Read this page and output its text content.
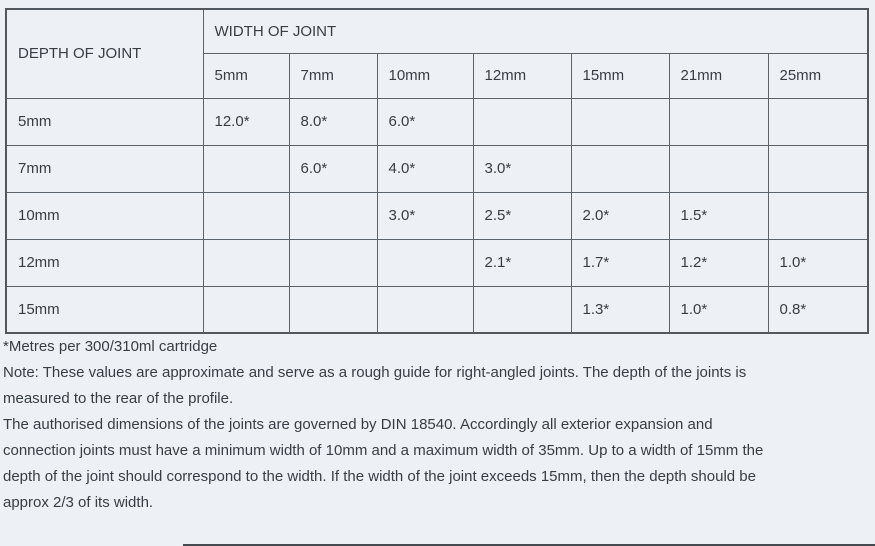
DEPTH OF JOINT	WIDTH OF JOINT						
	5mm	7mm	10mm	12mm	15mm	21mm	25mm
5mm	12.0*	8.0*	6.0*				
7mm		6.0*	4.0*	3.0*			
10mm			3.0*	2.5*	2.0*	1.5*	
12mm				2.1*	1.7*	1.2*	1.0*
15mm					1.3*	1.0*	0.8*

*Metres per 300/310ml cartridge

Note: These values are approximate and serve as a rough guide for right-angled joints. The depth of the joints is measured to the rear of the profile.

The authorised dimensions of the joints are governed by DIN 18540. Accordingly all exterior expansion and connection joints must have a minimum width of 10mm and a maximum width of 35mm. Up to a width of 15mm the depth of the joint should correspond to the width. If the width of the joint exceeds 15mm, then the depth should be approx 2/3 of its width.
